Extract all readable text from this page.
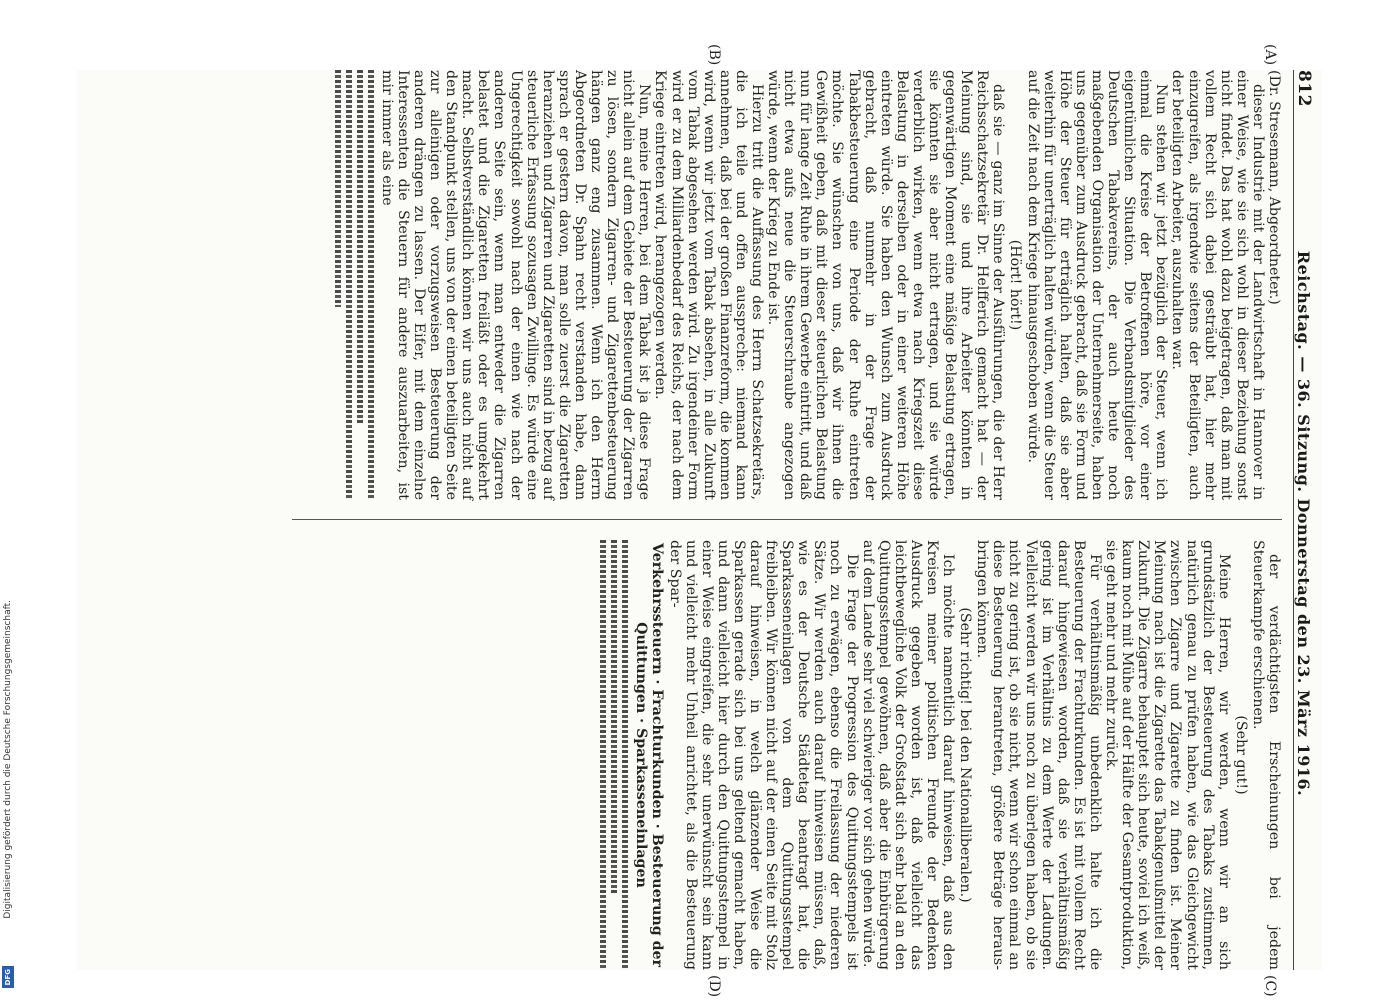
Digitalisierung gefördert durch die Deutsche Forschungsgemeinschaft.
DFG
812
Reichstag. — 36. Sitzung. Donnerstag den 23. März 1916.
(A)
(B)
(C)
(D)

(Dr. Stresemann, Abgeordneter.)

dieser Industrie mit der Landwirtschaft in Hannover in einer Weise, wie sie sich wohl in dieser Beziehung sonst nicht findet. Das hat wohl dazu beigetragen, daß man mit vollem Recht sich dabei gesträubt hat, hier mehr einzugreifen, als irgendwie seitens der Beteiligten, auch der beteiligten Arbeiter, auszuhalten war.

Nun stehen wir jetzt bezüglich der Steuer, wenn ich einmal die Kreise der Betroffenen höre, vor einer eigentümlichen Situation. Die Verbandsmitglieder des Deutschen Tabakvereins, der auch heute noch maßgebenden Organisation der Unternehmerseite, haben uns gegenüber zum Ausdruck gebracht, daß sie Form und Höhe der Steuer für erträglich halten, daß sie aber weiterhin für unerträglich halten würden, wenn die Steuer auf die Zeit nach dem Kriege hinausgeschoben würde.

(Hört! hört!)

daß sie — ganz im Sinne der Ausführungen, die der Herr Reichsschatzsekretär Dr. Helfferich gemacht hat — der Meinung sind, sie und ihre Arbeiter könnten in gegenwärtigen Moment eine mäßige Belastung ertragen, sie könnten sie aber nicht ertragen, und sie würde verderblich wirken, wenn etwa nach Kriegszeit diese Belastung in derselben oder in einer weiteren Höhe eintreten würde. Sie haben den Wunsch zum Ausdruck gebracht, daß nunmehr in der Frage der Tabakbesteuerung eine Periode der Ruhe eintreten möchte. Sie wünschen von uns, daß wir ihnen die Gewißheit geben, daß mit dieser steuerlichen Belastung nun für lange Zeit Ruhe in ihrem Gewerbe eintritt, und daß nicht etwa aufs neue die Steuerschraube angezogen würde, wenn der Krieg zu Ende ist.

Hierzu tritt die Auffassung des Herrn Schatzsekretärs, die ich teile und offen ausspreche: niemand kann annehmen, daß bei der großen Finanzreform, die kommen wird, wenn wir jetzt vom Tabak absehen, in alle Zukunft vom Tabak abgesehen werden wird. Zu irgendeiner Form wird er zu dem Milliardenbedarf des Reichs, der nach dem Kriege eintreten wird, herangezogen werden.

Nun, meine Herren, bei dem Tabak ist ja diese Frage nicht allein auf dem Gebiete der Besteuerung der Zigarren zu lösen, sondern Zigarren- und Zigarettenbesteuerung hängen ganz eng zusammen. Wenn ich den Herrn Abgeordneten Dr. Spahn recht verstanden habe, dann sprach er gestern davon, man solle zuerst die Zigaretten heranziehen und Zigarren und Zigaretten sind in bezug auf steuerliche Erfassung sozusagen Zwillinge. Es würde eine Ungerechtigkeit sowohl nach der einen wie nach der anderen Seite sein, wenn man entweder die Zigarren belastet und die Zigaretten freiläßt oder es umgekehrt macht. Selbstverständlich können wir uns auch nicht auf den Standpunkt stellen, uns von der einen beteiligten Seite zur alleinigen oder vorzugsweisen Besteuerung der anderen drängen zu lassen. Der Eifer, mit dem einzelne Interessenten die Steuern für andere auszuarbeiten, ist mir immer als eine

der verdächtigsten Erscheinungen bei jedem Steuerkampfe erschienen.

(Sehr gut!)

Meine Herren, wir werden, wenn wir an sich grundsätzlich der Besteuerung des Tabaks zustimmen, natürlich genau zu prüfen haben, wie das Gleichgewicht zwischen Zigarre und Zigarette zu finden ist. Meiner Meinung nach ist die Zigarette das Tabakgenußmittel der Zukunft. Die Zigarre behauptet sich heute, soviel ich weiß, kaum noch mit Mühe auf der Hälfte der Gesamtproduktion, sie geht mehr und mehr zurück.

Für verhältnismäßig unbedenklich halte ich die Besteuerung der Frachturkunden. Es ist mit vollem Recht darauf hingewiesen worden, daß sie verhältnismäßig gering ist im Verhältnis zu dem Werte der Ladungen. Vielleicht werden wir uns noch zu überlegen haben, ob sie nicht zu gering ist, ob sie nicht, wenn wir schon einmal an diese Besteuerung herantreten, größere Beträge heraus- bringen können.

(Sehr richtig! bei den Nationalliberalen.)

Ich möchte namentlich darauf hinweisen, daß aus den Kreisen meiner politischen Freunde der Bedenken Ausdruck gegeben worden ist, daß vielleicht das leichtbewegliche Volk der Großstadt sich sehr bald an den Quittungsstempel gewöhnen, daß aber die Einbürgerung auf dem Lande sehr viel schwieriger vor sich gehen würde.

Die Frage der Progression des Quittungsstempels ist noch zu erwägen, ebenso die Freilassung der niederen Sätze. Wir werden auch darauf hinweisen müssen, daß, wie es der Deutsche Städtetag beantragt hat, die Sparkasseneinlagen von dem Quittungsstempel freibleiben. Wir können nicht auf der einen Seite mit Stolz darauf hinweisen, in welch glänzender Weise die Sparkassen gerade sich bei uns geltend gemacht haben, und dann vielleicht hier durch den Quittungsstempel in einer Weise eingreifen, die sehr unerwünscht sein kann und vielleicht mehr Unheil anrichtet, als die Besteuerung der Spar-

Verkehrssteuern · Frachturkunden · Besteuerung der Quittungen · Sparkasseneinlagen
